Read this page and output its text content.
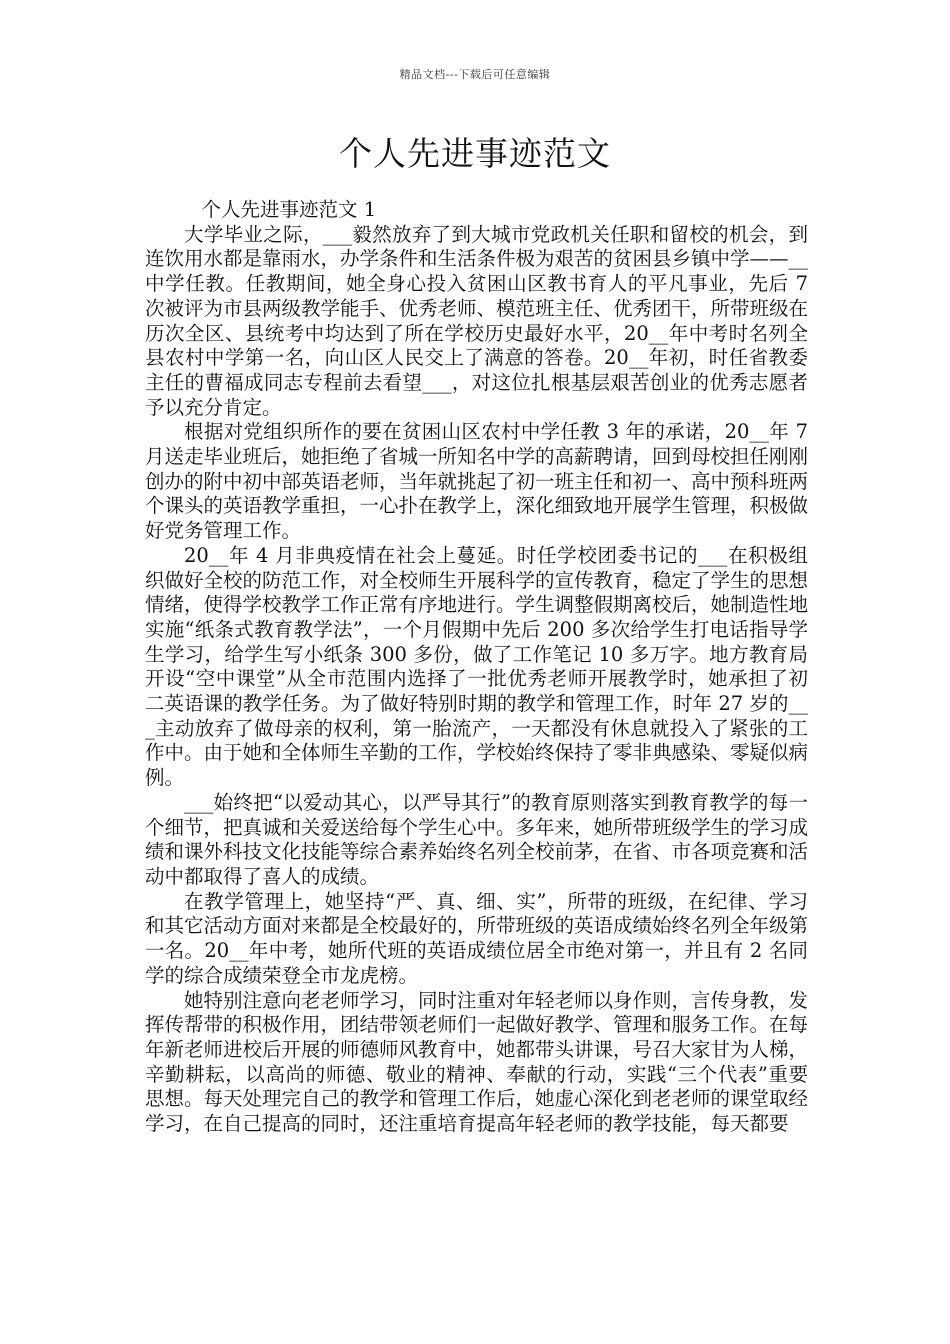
精品文档---下载后可任意编辑
个人先进事迹范文
个人先进事迹范文 1

大学毕业之际，___毅然放弃了到大城市党政机关任职和留校的机会，到连饮用水都是靠雨水，办学条件和生活条件极为艰苦的贫困县乡镇中学——__中学任教。任教期间，她全身心投入贫困山区教书育人的平凡事业，先后 7 次被评为市县两级教学能手、优秀老师、模范班主任、优秀团干，所带班级在历次全区、县统考中均达到了所在学校历史最好水平，20__年中考时名列全县农村中学第一名，向山区人民交上了满意的答卷。20__年初，时任省教委主任的曹福成同志专程前去看望___，对这位扎根基层艰苦创业的优秀志愿者予以充分肯定。

根据对党组织所作的要在贫困山区农村中学任教 3 年的承诺，20__年 7 月送走毕业班后，她拒绝了省城一所知名中学的高薪聘请，回到母校担任刚刚创办的附中初中部英语老师，当年就挑起了初一班主任和初一、高中预科班两个课头的英语教学重担，一心扑在教学上，深化细致地开展学生管理，积极做好党务管理工作。

20__年 4 月非典疫情在社会上蔓延。时任学校团委书记的___在积极组织做好全校的防范工作，对全校师生开展科学的宣传教育，稳定了学生的思想情绪，使得学校教学工作正常有序地进行。学生调整假期离校后，她制造性地实施“纸条式教育教学法”，一个月假期中先后 200 多次给学生打电话指导学生学习，给学生写小纸条 300 多份，做了工作笔记 10 多万字。地方教育局开设“空中课堂”从全市范围内选择了一批优秀老师开展教学时，她承担了初二英语课的教学任务。为了做好特别时期的教学和管理工作，时年 27 岁的___主动放弃了做母亲的权利，第一胎流产，一天都没有休息就投入了紧张的工作中。由于她和全体师生辛勤的工作，学校始终保持了零非典感染、零疑似病例。

___始终把“以爱动其心，以严导其行”的教育原则落实到教育教学的每一个细节，把真诚和关爱送给每个学生心中。多年来，她所带班级学生的学习成绩和课外科技文化技能等综合素养始终名列全校前茅，在省、市各项竞赛和活动中都取得了喜人的成绩。

在教学管理上，她坚持“严、真、细、实”，所带的班级，在纪律、学习和其它活动方面对来都是全校最好的，所带班级的英语成绩始终名列全年级第一名。20__年中考，她所代班的英语成绩位居全市绝对第一，并且有 2 名同学的综合成绩荣登全市龙虎榜。

她特别注意向老老师学习，同时注重对年轻老师以身作则，言传身教，发挥传帮带的积极作用，团结带领老师们一起做好教学、管理和服务工作。在每年新老师进校后开展的师德师风教育中，她都带头讲课，号召大家甘为人梯，辛勤耕耘，以高尚的师德、敬业的精神、奉献的行动，实践“三个代表”重要思想。每天处理完自己的教学和管理工作后，她虚心深化到老老师的课堂取经学习，在自己提高的同时，还注重培育提高年轻老师的教学技能，每天都要
